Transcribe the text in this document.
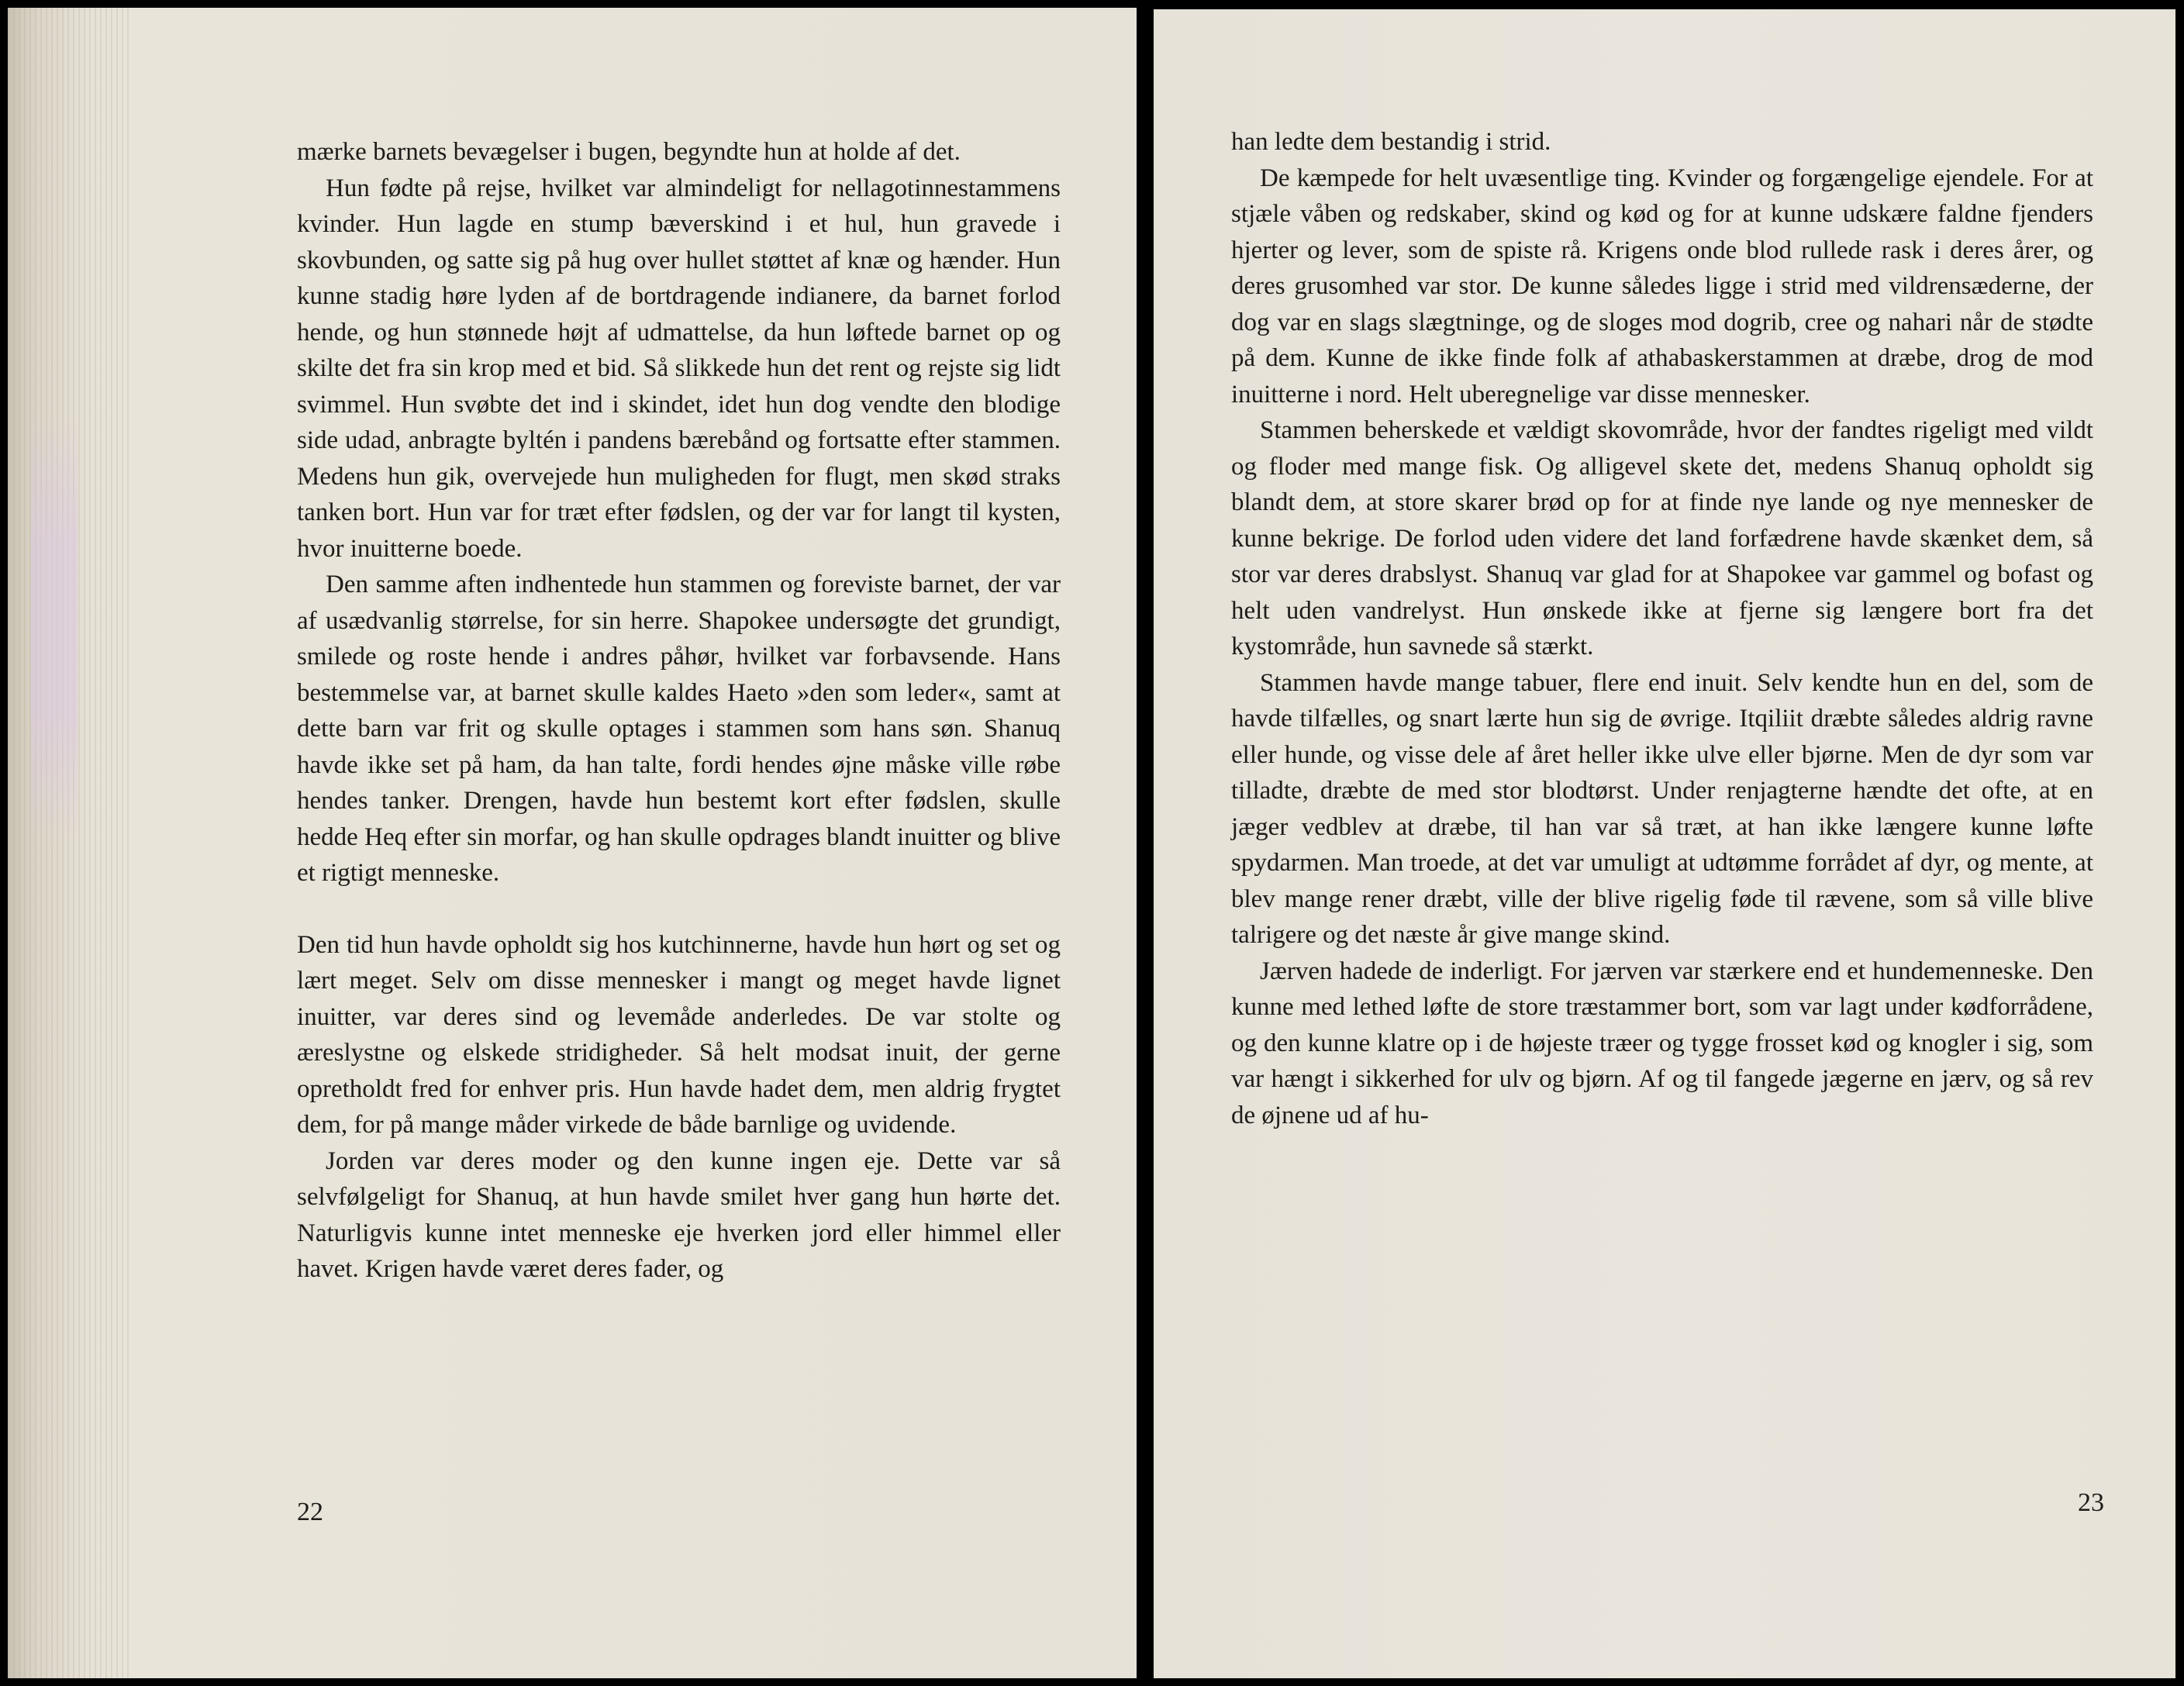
mærke barnets bevægelser i bugen, begyndte hun at holde af det.

Hun fødte på rejse, hvilket var almindeligt for nellagotinnestammens kvinder. Hun lagde en stump bæverskind i et hul, hun gravede i skovbunden, og satte sig på hug over hullet støttet af knæ og hænder. Hun kunne stadig høre lyden af de bortdragende indianere, da barnet forlod hende, og hun stønnede højt af udmattelse, da hun løftede barnet op og skilte det fra sin krop med et bid. Så slikkede hun det rent og rejste sig lidt svimmel. Hun svøbte det ind i skindet, idet hun dog vendte den blodige side udad, anbragte byltén i pandens bærebånd og fortsatte efter stammen. Medens hun gik, overvejede hun muligheden for flugt, men skød straks tanken bort. Hun var for træt efter fødslen, og der var for langt til kysten, hvor inuitterne boede.

Den samme aften indhentede hun stammen og foreviste barnet, der var af usædvanlig størrelse, for sin herre. Shapokee undersøgte det grundigt, smilede og roste hende i andres påhør, hvilket var forbavsende. Hans bestemmelse var, at barnet skulle kaldes Haeto »den som leder«, samt at dette barn var frit og skulle optages i stammen som hans søn. Shanuq havde ikke set på ham, da han talte, fordi hendes øjne måske ville røbe hendes tanker. Drengen, havde hun bestemt kort efter fødslen, skulle hedde Heq efter sin morfar, og han skulle opdrages blandt inuitter og blive et rigtigt menneske.

Den tid hun havde opholdt sig hos kutchinnerne, havde hun hørt og set og lært meget. Selv om disse mennesker i mangt og meget havde lignet inuitter, var deres sind og levemåde anderledes. De var stolte og æreslystne og elskede stridigheder. Så helt modsat inuit, der gerne opretholdt fred for enhver pris. Hun havde hadet dem, men aldrig frygtet dem, for på mange måder virkede de både barnlige og uvidende.

Jorden var deres moder og den kunne ingen eje. Dette var så selvfølgeligt for Shanuq, at hun havde smilet hver gang hun hørte det. Naturligvis kunne intet menneske eje hverken jord eller himmel eller havet. Krigen havde været deres fader, og

22

han ledte dem bestandig i strid.

De kæmpede for helt uvæsentlige ting. Kvinder og forgængelige ejendele. For at stjæle våben og redskaber, skind og kød og for at kunne udskære faldne fjenders hjerter og lever, som de spiste rå. Krigens onde blod rullede rask i deres årer, og deres grusomhed var stor. De kunne således ligge i strid med vildrensæderne, der dog var en slags slægtninge, og de sloges mod dogrib, cree og nahari når de stødte på dem. Kunne de ikke finde folk af athabaskerstammen at dræbe, drog de mod inuitterne i nord. Helt uberegnelige var disse mennesker.

Stammen beherskede et vældigt skovområde, hvor der fandtes rigeligt med vildt og floder med mange fisk. Og alligevel skete det, medens Shanuq opholdt sig blandt dem, at store skarer brød op for at finde nye lande og nye mennesker de kunne bekrige. De forlod uden videre det land forfædrene havde skænket dem, så stor var deres drabslyst. Shanuq var glad for at Shapokee var gammel og bofast og helt uden vandrelyst. Hun ønskede ikke at fjerne sig længere bort fra det kystområde, hun savnede så stærkt.

Stammen havde mange tabuer, flere end inuit. Selv kendte hun en del, som de havde tilfælles, og snart lærte hun sig de øvrige. Itqiliit dræbte således aldrig ravne eller hunde, og visse dele af året heller ikke ulve eller bjørne. Men de dyr som var tilladte, dræbte de med stor blodtørst. Under renjagterne hændte det ofte, at en jæger vedblev at dræbe, til han var så træt, at han ikke længere kunne løfte spydarmen. Man troede, at det var umuligt at udtømme forrådet af dyr, og mente, at blev mange rener dræbt, ville der blive rigelig føde til rævene, som så ville blive talrigere og det næste år give mange skind.

Jærven hadede de inderligt. For jærven var stærkere end et hundemenneske. Den kunne med lethed løfte de store træstammer bort, som var lagt under kødforrådene, og den kunne klatre op i de højeste træer og tygge frosset kød og knogler i sig, som var hængt i sikkerhed for ulv og bjørn. Af og til fangede jægerne en jærv, og så rev de øjnene ud af hu-

23
